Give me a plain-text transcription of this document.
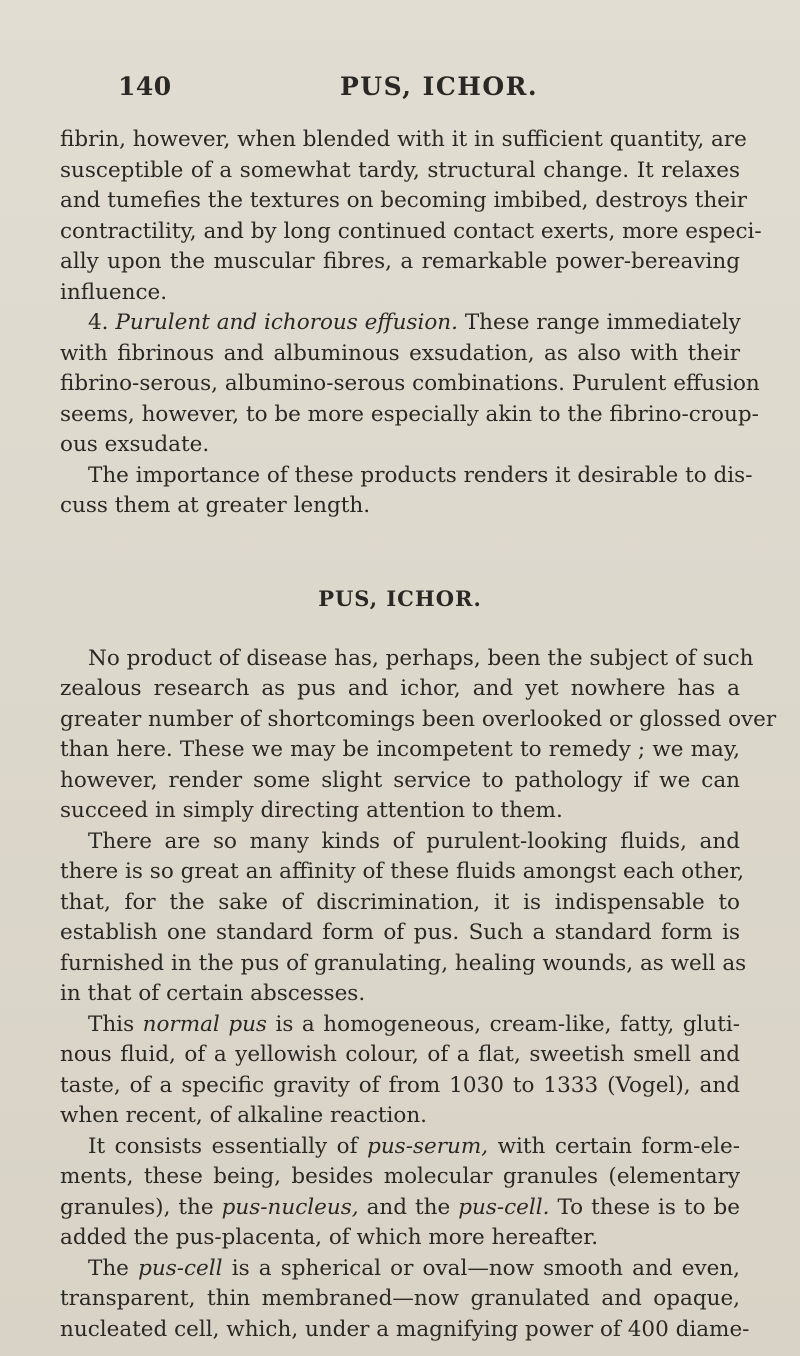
140	PUS, ICHOR.
fibrin, however, when blended with it in sufficient quantity, are
susceptible of a somewhat tardy, structural change. It relaxes
and tumefies the textures on becoming imbibed, destroys their
contractility, and by long continued contact exerts, more especi-
ally upon the muscular fibres, a remarkable power-bereaving
influence.
4. Purulent and ichorous effusion. These range immediately
with fibrinous and albuminous exsudation, as also with their
fibrino-serous, albumino-serous combinations. Purulent effusion
seems, however, to be more especially akin to the fibrino-croup-
ous exsudate.
The importance of these products renders it desirable to dis-
cuss them at greater length.
PUS, ICHOR.
No product of disease has, perhaps, been the subject of such
zealous research as pus and ichor, and yet nowhere has a
greater number of shortcomings been overlooked or glossed over
than here. These we may be incompetent to remedy ; we may,
however, render some slight service to pathology if we can
succeed in simply directing attention to them.
There are so many kinds of purulent-looking fluids, and
there is so great an affinity of these fluids amongst each other,
that, for the sake of discrimination, it is indispensable to
establish one standard form of pus. Such a standard form is
furnished in the pus of granulating, healing wounds, as well as
in that of certain abscesses.
This normal pus is a homogeneous, cream-like, fatty, gluti-
nous fluid, of a yellowish colour, of a flat, sweetish smell and
taste, of a specific gravity of from 1030 to 1333 (Vogel), and
when recent, of alkaline reaction.
It consists essentially of pus-serum, with certain form-ele-
ments, these being, besides molecular granules (elementary
granules), the pus-nucleus, and the pus-cell. To these is to be
added the pus-placenta, of which more hereafter.
The pus-cell is a spherical or oval—now smooth and even,
transparent, thin membraned—now granulated and opaque,
nucleated cell, which, under a magnifying power of 400 diame-
